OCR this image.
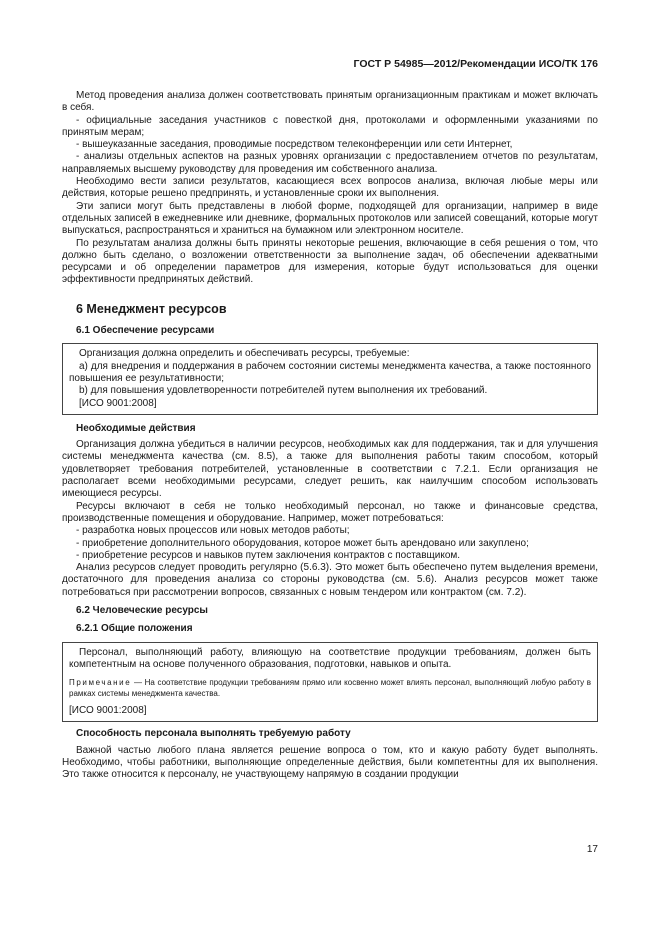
ГОСТ Р 54985—2012/Рекомендации ИСО/ТК 176

Метод проведения анализа должен соответствовать принятым организационным практикам и может включать в себя.

- официальные заседания участников с повесткой дня, протоколами и оформленными указаниями по принятым мерам;

- вышеуказанные заседания, проводимые посредством телеконференции или сети Интернет,

- анализы отдельных аспектов на разных уровнях организации с предоставлением отчетов по результатам, направляемых высшему руководству для проведения им собственного анализа.

Необходимо вести записи результатов, касающиеся всех вопросов анализа, включая любые меры или действия, которые решено предпринять, и установленные сроки их выполнения.

Эти записи могут быть представлены в любой форме, подходящей для организации, например в виде отдельных записей в ежедневнике или дневнике, формальных протоколов или записей совещаний, которые могут выпускаться, распространяться и храниться на бумажном или электронном носителе.

По результатам анализа должны быть приняты некоторые решения, включающие в себя решения о том, что должно быть сделано, о возложении ответственности за выполнение задач, об обеспечении адекватными ресурсами и об определении параметров для измерения, которые будут использоваться для оценки эффективности предпринятых действий.

6 Менеджмент ресурсов
6.1 Обеспечение ресурсами

Организация должна определить и обеспечивать ресурсы, требуемые:

а) для внедрения и поддержания в рабочем состоянии системы менеджмента качества, а также постоянного повышения ее результативности;

b) для повышения удовлетворенности потребителей путем выполнения их требований.

[ИСО 9001:2008]

Необходимые действия

Организация должна убедиться в наличии ресурсов, необходимых как для поддержания, так и для улучшения системы менеджмента качества (см. 8.5), а также для выполнения работы таким способом, который удовлетворяет требования потребителей, установленные в соответствии с 7.2.1. Если организация не располагает всеми необходимыми ресурсами, следует решить, как наилучшим способом использовать имеющиеся ресурсы.

Ресурсы включают в себя не только необходимый персонал, но также и финансовые средства, производственные помещения и оборудование. Например, может потребоваться:

- разработка новых процессов или новых методов работы;

- приобретение дополнительного оборудования, которое может быть арендовано или закуплено;

- приобретение ресурсов и навыков путем заключения контрактов с поставщиком.

Анализ ресурсов следует проводить регулярно (5.6.3). Это может быть обеспечено путем выделения времени, достаточного для проведения анализа со стороны руководства (см. 5.6). Анализ ресурсов может также потребоваться при рассмотрении вопросов, связанных с новым тендером или контрактом (см. 7.2).

6.2 Человеческие ресурсы
6.2.1 Общие положения

Персонал, выполняющий работу, влияющую на соответствие продукции требованиям, должен быть компетентным на основе полученного образования, подготовки, навыков и опыта.

Примечание — На соответствие продукции требованиям прямо или косвенно может влиять персонал, выполняющий любую работу в рамках системы менеджмента качества.

[ИСО 9001:2008]

Способность персонала выполнять требуемую работу

Важной частью любого плана является решение вопроса о том, кто и какую работу будет выполнять. Необходимо, чтобы работники, выполняющие определенные действия, были компетентны для их выполнения. Это также относится к персоналу, не участвующему напрямую в создании продукции

17
